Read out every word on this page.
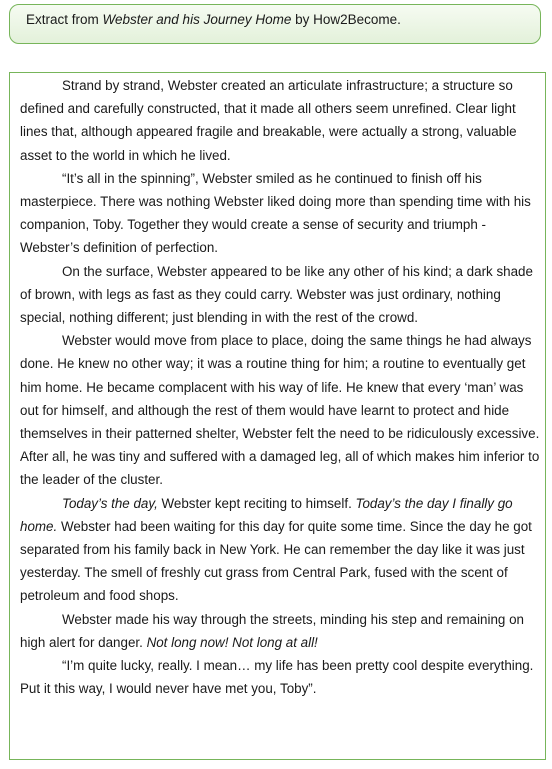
Extract from Webster and his Journey Home by How2Become.

Strand by strand, Webster created an articulate infrastructure; a structure so defined and carefully constructed, that it made all others seem unrefined. Clear light lines that, although appeared fragile and breakable, were actually a strong, valuable asset to the world in which he lived.

“It’s all in the spinning”, Webster smiled as he continued to finish off his masterpiece. There was nothing Webster liked doing more than spending time with his companion, Toby. Together they would create a sense of security and triumph - Webster’s definition of perfection.

On the surface, Webster appeared to be like any other of his kind; a dark shade of brown, with legs as fast as they could carry. Webster was just ordinary, nothing special, nothing different; just blending in with the rest of the crowd.

Webster would move from place to place, doing the same things he had always done. He knew no other way; it was a routine thing for him; a routine to eventually get him home. He became complacent with his way of life. He knew that every ‘man’ was out for himself, and although the rest of them would have learnt to protect and hide themselves in their patterned shelter, Webster felt the need to be ridiculously excessive. After all, he was tiny and suffered with a damaged leg, all of which makes him inferior to the leader of the cluster.

Today’s the day, Webster kept reciting to himself. Today’s the day I finally go home. Webster had been waiting for this day for quite some time. Since the day he got separated from his family back in New York. He can remember the day like it was just yesterday. The smell of freshly cut grass from Central Park, fused with the scent of petroleum and food shops.

Webster made his way through the streets, minding his step and remaining on high alert for danger. Not long now! Not long at all!

“I’m quite lucky, really. I mean… my life has been pretty cool despite everything. Put it this way, I would never have met you, Toby”.
